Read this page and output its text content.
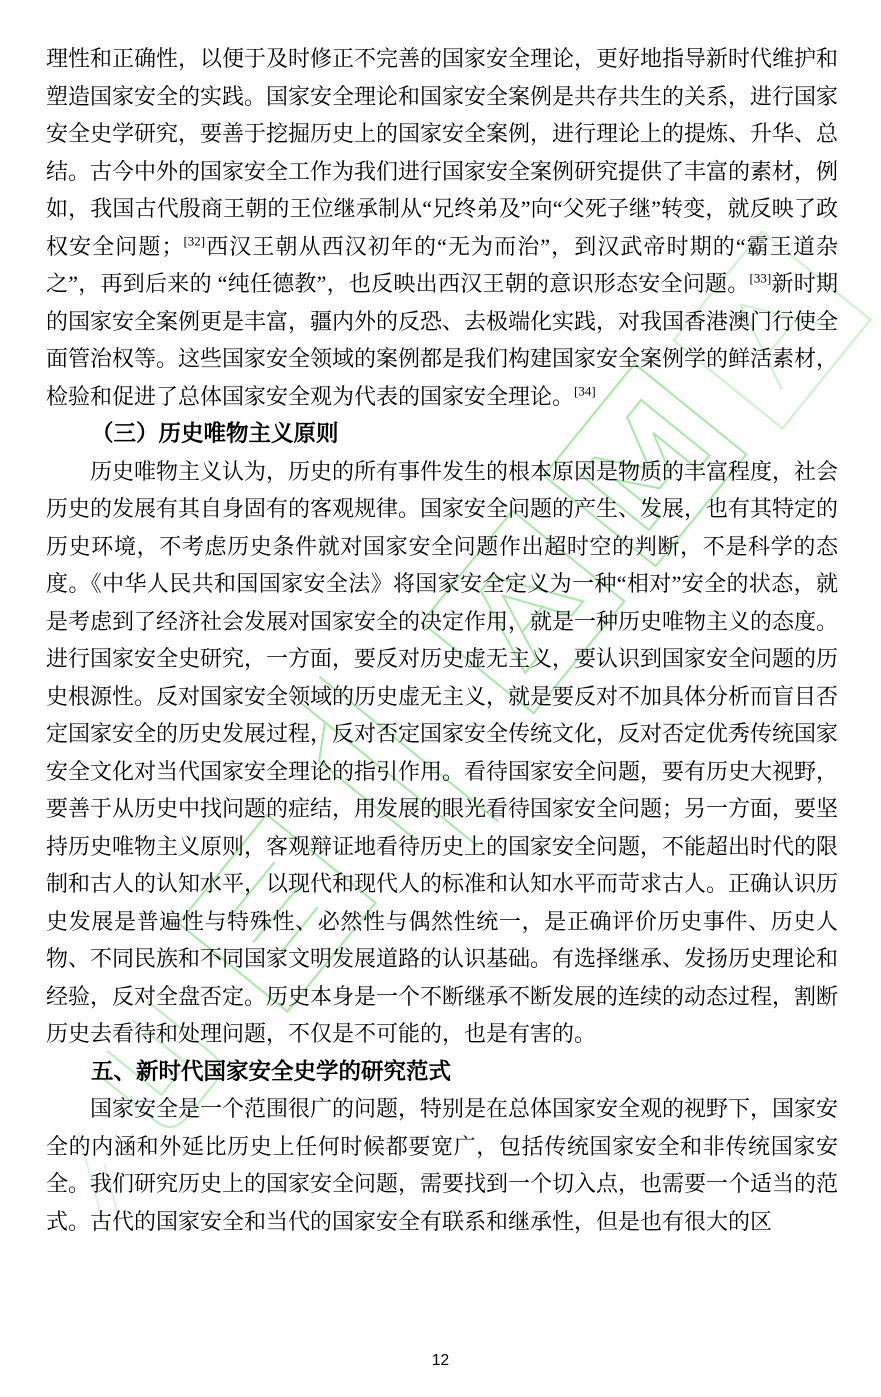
理性和正确性，以便于及时修正不完善的国家安全理论，更好地指导新时代维护和塑造国家安全的实践。国家安全理论和国家安全案例是共存共生的关系，进行国家安全史学研究，要善于挖掘历史上的国家安全案例，进行理论上的提炼、升华、总结。古今中外的国家安全工作为我们进行国家安全案例研究提供了丰富的素材，例如，我国古代殷商王朝的王位继承制从“兄终弟及”向“父死子继”转变，就反映了政权安全问题；[32]西汉王朝从西汉初年的“无为而治”，到汉武帝时期的“霸王道杂之”，再到后来的 “纯任德教”，也反映出西汉王朝的意识形态安全问题。[33]新时期的国家安全案例更是丰富，疆内外的反恐、去极端化实践，对我国香港澳门行使全面管治权等。这些国家安全领域的案例都是我们构建国家安全案例学的鲜活素材，检验和促进了总体国家安全观为代表的国家安全理论。[34]

（三）历史唯物主义原则

历史唯物主义认为，历史的所有事件发生的根本原因是物质的丰富程度，社会历史的发展有其自身固有的客观规律。国家安全问题的产生、发展，也有其特定的历史环境，不考虑历史条件就对国家安全问题作出超时空的判断，不是科学的态度。《中华人民共和国国家安全法》将国家安全定义为一种“相对”安全的状态，就是考虑到了经济社会发展对国家安全的决定作用，就是一种历史唯物主义的态度。进行国家安全史研究，一方面，要反对历史虚无主义，要认识到国家安全问题的历史根源性。反对国家安全领域的历史虚无主义，就是要反对不加具体分析而盲目否定国家安全的历史发展过程，反对否定国家安全传统文化，反对否定优秀传统国家安全文化对当代国家安全理论的指引作用。看待国家安全问题，要有历史大视野，要善于从历史中找问题的症结，用发展的眼光看待国家安全问题；另一方面，要坚持历史唯物主义原则，客观辩证地看待历史上的国家安全问题，不能超出时代的限制和古人的认知水平，以现代和现代人的标准和认知水平而苛求古人。正确认识历史发展是普遍性与特殊性、必然性与偶然性统一，是正确评价历史事件、历史人物、不同民族和不同国家文明发展道路的认识基础。有选择继承、发扬历史理论和经验，反对全盘否定。历史本身是一个不断继承不断发展的连续的动态过程，割断历史去看待和处理问题，不仅是不可能的，也是有害的。

五、新时代国家安全史学的研究范式

国家安全是一个范围很广的问题，特别是在总体国家安全观的视野下，国家安全的内涵和外延比历史上任何时候都要宽广，包括传统国家安全和非传统国家安全。我们研究历史上的国家安全问题，需要找到一个切入点，也需要一个适当的范式。古代的国家安全和当代的国家安全有联系和继承性，但是也有很大的区

12
